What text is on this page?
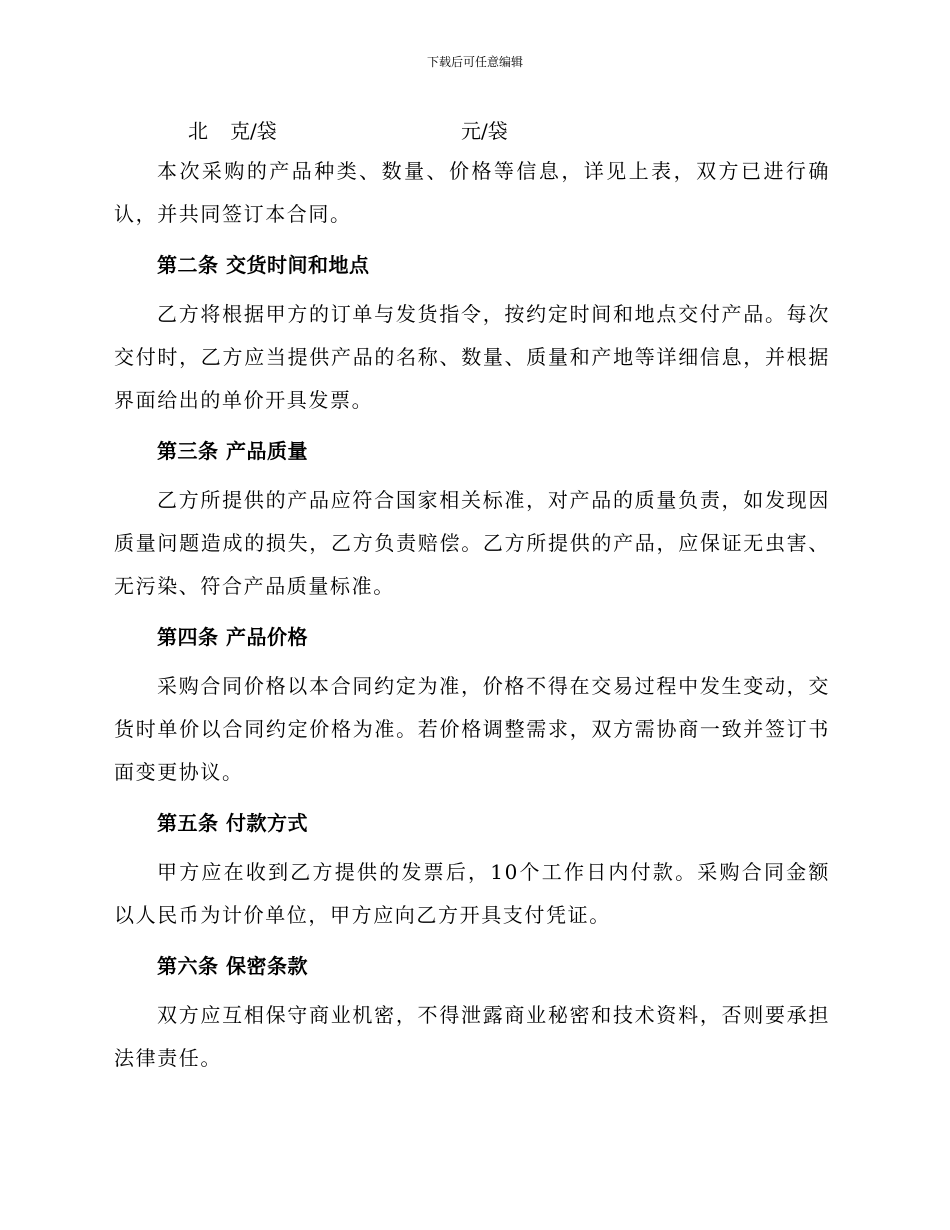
下载后可任意编辑
北 克/袋	元/袋

本次采购的产品种类、数量、价格等信息，详见上表，双方已进行确认，并共同签订本合同。

第二条 交货时间和地点

乙方将根据甲方的订单与发货指令，按约定时间和地点交付产品。每次交付时，乙方应当提供产品的名称、数量、质量和产地等详细信息，并根据界面给出的单价开具发票。

第三条 产品质量

乙方所提供的产品应符合国家相关标准，对产品的质量负责，如发现因质量问题造成的损失，乙方负责赔偿。乙方所提供的产品，应保证无虫害、无污染、符合产品质量标准。

第四条 产品价格

采购合同价格以本合同约定为准，价格不得在交易过程中发生变动，交货时单价以合同约定价格为准。若价格调整需求，双方需协商一致并签订书面变更协议。

第五条 付款方式

甲方应在收到乙方提供的发票后，10个工作日内付款。采购合同金额以人民币为计价单位，甲方应向乙方开具支付凭证。

第六条 保密条款

双方应互相保守商业机密，不得泄露商业秘密和技术资料，否则要承担法律责任。
